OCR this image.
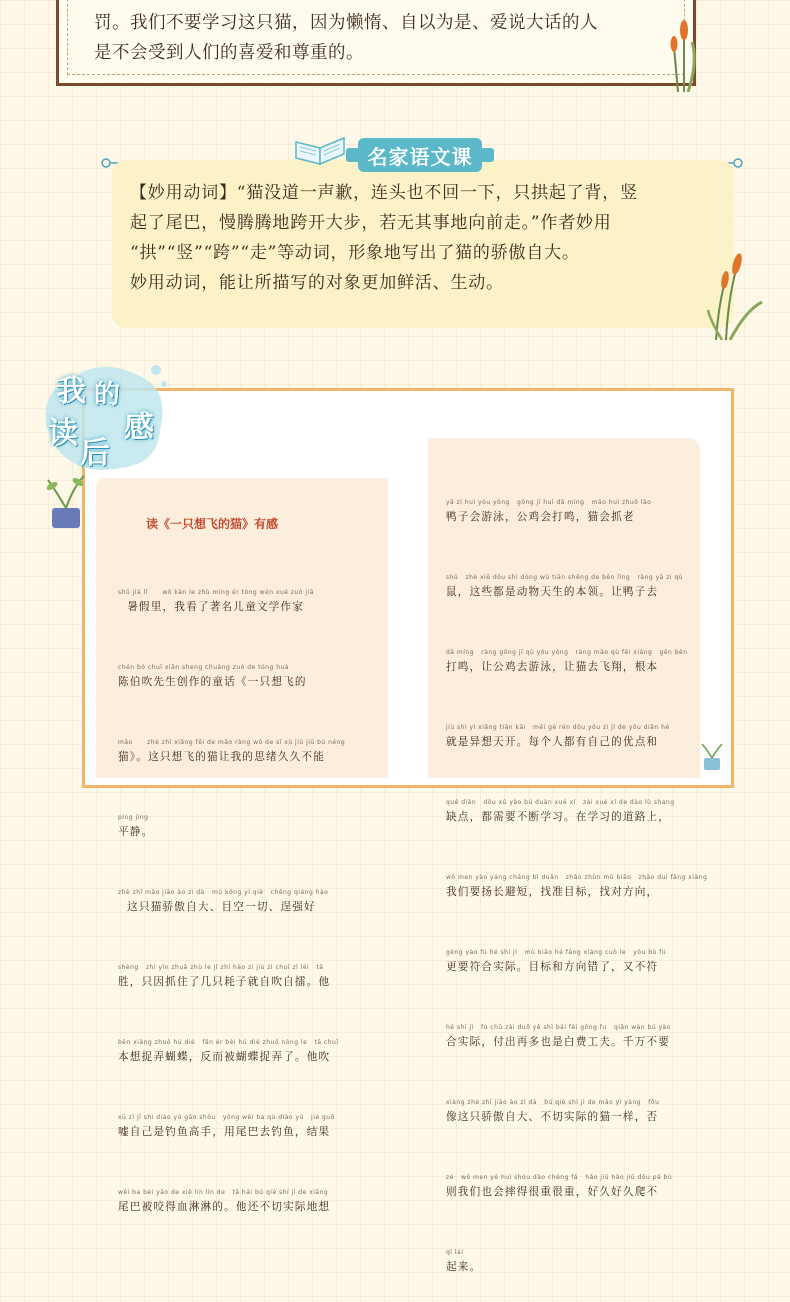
罚。我们不要学习这只猫，因为懒惰、自以为是、爱说大话的人
是不会受到人们的喜爱和尊重的。
名家语文课
【妙用动词】“猫没道一声歉，连头也不回一下，只拱起了背，竖
起了尾巴，慢腾腾地跨开大步，若无其事地向前走。”作者妙用
“拱”“竖”“跨”“走”等动词，形象地写出了猫的骄傲自大。
妙用动词，能让所描写的对象更加鲜活、生动。
我 的
读
后
感
读《一只想飞的猫》有感

shǔ jià lǐ      wǒ kàn le zhù míng ér tóng wén xué zuò jiā
暑假里，我看了著名儿童文学作家

chén bó chuī xiān sheng chuàng zuò de tóng huà
陈伯吹先生创作的童话《一只想飞的

māo      zhè zhī xiǎng fēi de māo ràng wǒ de sī xù jiǔ jiǔ bù néng
猫》。这只想飞的猫让我的思绪久久不能

píng jìng
平静。

zhè zhī māo jiāo ào zì dà   mù kōng yí qiè   chěng qiáng hào
这只猫骄傲自大、目空一切、逞强好

shèng   zhǐ yīn zhuā zhù le jǐ zhī hào zi jiù zì chuī zì léi   tā
胜，只因抓住了几只耗子就自吹自擂。他

běn xiǎng zhuō hú dié   fǎn ér bèi hú dié zhuō nòng le   tā chuī
本想捉弄蝴蝶，反而被蝴蝶捉弄了。他吹

xū zì jǐ shì diào yú gāo shǒu   yòng wěi ba qù diào yú   jié guǒ
嘘自己是钓鱼高手，用尾巴去钓鱼，结果

wěi ba bèi yǎo de xiě lín lín de   tā hái bú qiè shí jì de xiǎng
尾巴被咬得血淋淋的。他还不切实际地想

yā zi huì yóu yǒng   gōng jī huì dǎ míng   māo huì zhuō lǎo
鸭子会游泳，公鸡会打鸣，猫会抓老

shǔ   zhè xiē dōu shì dòng wù tiān shēng de běn lǐng   ràng yā zi qù
鼠，这些都是动物天生的本领。让鸭子去

dǎ míng   ràng gōng jī qù yóu yǒng   ràng māo qù fēi xiáng   gēn běn
打鸣，让公鸡去游泳，让猫去飞翔，根本

jiù shì yì xiǎng tiān kāi   měi gè rén dōu yǒu zì jǐ de yōu diǎn hé
就是异想天开。每个人都有自己的优点和

quē diǎn   dōu xū yào bú duàn xué xí   zài xué xí de dào lù shang
缺点，都需要不断学习。在学习的道路上，

wǒ men yào yáng cháng bì duǎn   zhǎo zhǔn mù biāo   zhǎo duì fāng xiàng
我们要扬长避短，找准目标，找对方向，

gèng yào fú hé shí jì   mù biāo hé fāng xiàng cuò le   yòu bù fú
更要符合实际。目标和方向错了，又不符

hé shí jì   fù chū zài duō yě shì bái fèi gōng fu   qiān wàn bú yào
合实际，付出再多也是白费工夫。千万不要

xiàng zhè zhī jiāo ào zì dà   bú qiè shí jì de māo yí yàng   fǒu
像这只骄傲自大、不切实际的猫一样，否

zé   wǒ men yě huì shòu dào chéng fá   hǎo jiǔ hǎo jiǔ dōu pá bù
则我们也会摔得很重很重，好久好久爬不

qǐ lái
起来。
